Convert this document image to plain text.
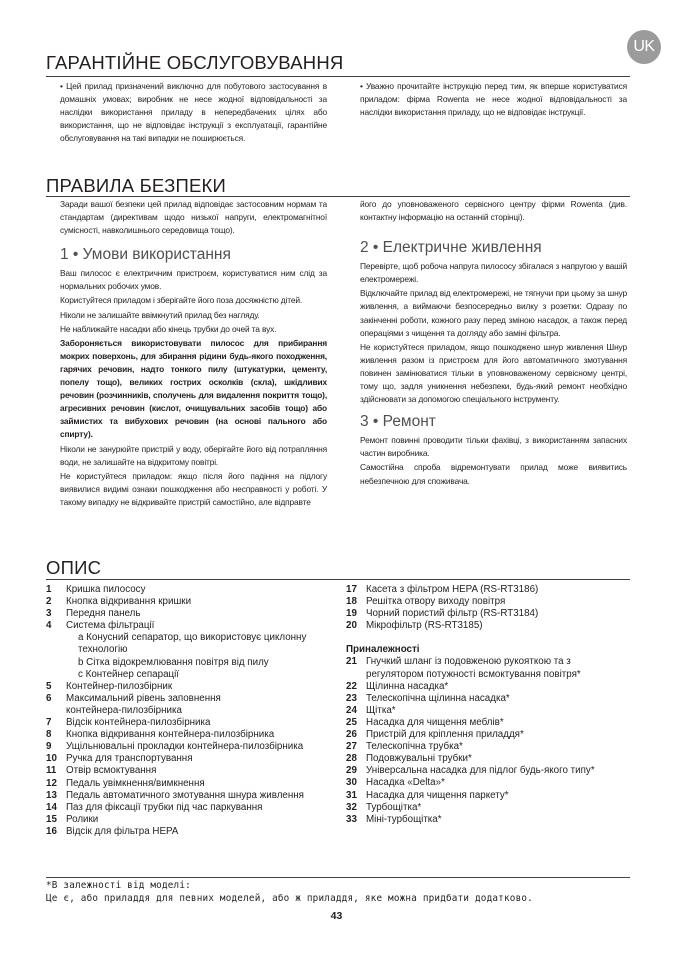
UK
ГАРАНТІЙНЕ ОБСЛУГОВУВАННЯ

• Цей прилад призначений виключно для побутового застосування в домашніх умовах; виробник не несе жодної відповідальності за наслідки використання приладу в непередбачених цілях або використання, що не відповідає інструкції з експлуатації, гарантійне обслуговування на такі випадки не поширюється.

• Уважно прочитайте інструкцію перед тим, як вперше користуватися приладом: фірма Rowenta не несе жодної відповідальності за наслідки використання приладу, що не відповідає інструкції.

ПРАВИЛА БЕЗПЕКИ

Заради вашої безпеки цей прилад відповідає застосовним нормам та стандартам (директивам щодо низької напруги, електромагнітної сумісності, навколишнього середовища тощо).

1 • Умови використання

Ваш пилосос є електричним пристроєм, користуватися ним слід за нормальних робочих умов.

Користуйтеся приладом і зберігайте його поза досяжністю дітей.

Ніколи не залишайте ввімкнутий прилад без нагляду.

Не наближайте насадки або кінець трубки до очей та вух.

Забороняється використовувати пилосос для прибирання мокрих поверхонь, для збирання рідини будь-якого походження, гарячих речовин, надто тонкого пилу (штукатурки, цементу, попелу тощо), великих гострих осколків (скла), шкідливих речовин (розчинників, сполучень для видалення покриття тощо), агресивних речовин (кислот, очищувальних засобів тощо) або займистих та вибухових речовин (на основі пального або спирту).

Ніколи не занурюйте пристрій у воду, оберігайте його від потрапляння води, не залишайте на відкритому повітрі.

Не користуйтеся приладом: якщо після його падіння на підлогу виявилися видимі ознаки пошкодження або несправності у роботі. У такому випадку не відкривайте пристрій самостійно, але відправте

його до уповноваженого сервісного центру фірми Rowenta (див. контактну інформацію на останній сторінці).

2 • Електричне живлення

Перевірте, щоб робоча напруга пилососу збігалася з напругою у вашій електромережі.

Відключайте прилад від електромережі, не тягнучи при цьому за шнур живлення, а виймаючи безпосередньо вилку з розетки: Одразу по закінченні роботи, кожного разу перед зміною насадок, а також перед операціями з чищення та догляду або заміні фільтра.

Не користуйтеся приладом, якщо пошкоджено шнур живлення Шнур живлення разом із пристроєм для його автоматичного змотування повинен замінюватися тільки в уповноваженому сервісному центрі, тому що, задля уникнення небезпеки, будь-який ремонт необхідно здійснювати за допомогою спеціального інструменту.

3 • Ремонт

Ремонт повинні проводити тільки фахівці, з використанням запасних частин виробника.

Самостійна спроба відремонтувати прилад може виявитись небезпечною для споживача.

ОПИС
1	Кришка пилососу
2	Кнопка відкривання кришки
3	Передня панель
4	Система фільтрації
a Конусний сепаратор, що використовує циклонну
технологію
b Сітка відокремлювання повітря від пилу
c Контейнер сепарації
5	Контейнер-пилозбірник
6	Максимальний рівень заповнення
контейнера-пилозбірника
7	Відсік контейнера-пилозбірника
8	Кнопка відкривання контейнера-пилозбірника
9	Ущільнювальні прокладки контейнера-пилозбірника
10 Ручка для транспортування
11 Отвір всмоктування
12 Педаль увімкнення/вимкнення
13 Педаль автоматичного змотування шнура живлення
14 Паз для фіксації трубки під час паркування
15 Ролики
16 Відсік для фільтра HEPA
17 Касета з фільтром HEPA (RS-RT3186)
18 Решітка отвору виходу повітря
19 Чорний пористий фільтр (RS-RT3184)
20 Мікрофільтр (RS-RT3185)
Приналежності
21 Гнучкий шланг із подовженою рукояткою та з
регулятором потужності всмоктування повітря*
22 Щілинна насадка*
23 Телескопічна щілинна насадка*
24 Щітка*
25 Насадка для чищення меблів*
26 Пристрій для кріплення приладдя*
27 Телескопічна трубка*
28 Подовжувальні трубки*
29 Універсальна насадка для підлог будь-якого типу*
30 Насадка «Delta»*
31 Насадка для чищення паркету*
32 Турбощітка*
33 Міні-турбощітка*
*В залежності від моделі:
Це є, або приладдя для певних моделей, або ж приладдя, яке можна придбати додатково.
43
